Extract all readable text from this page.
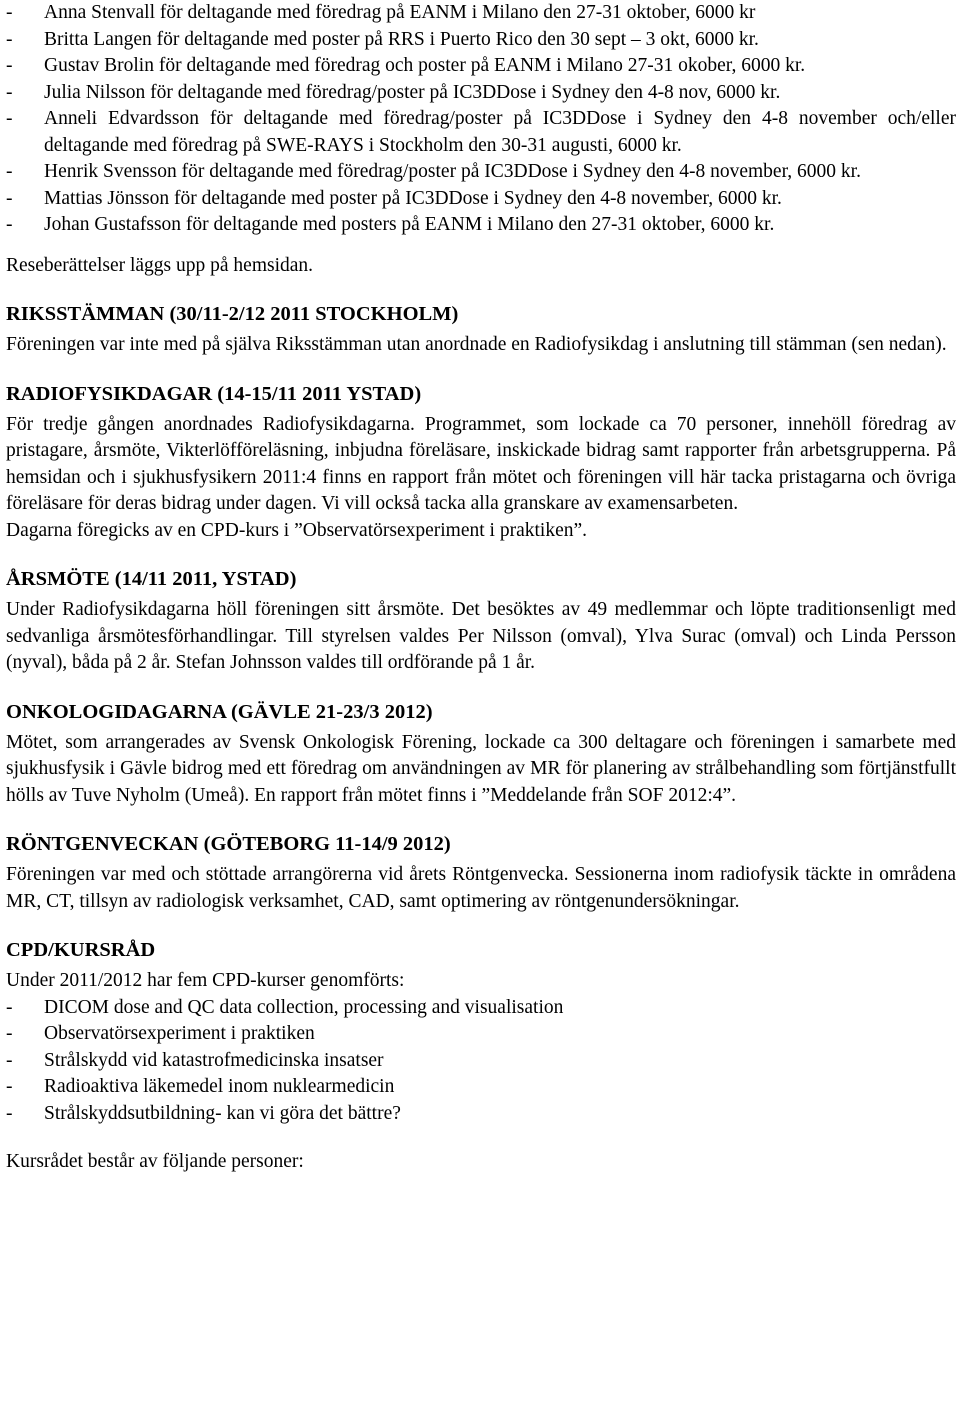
-	Anna Stenvall för deltagande med föredrag på EANM i Milano den 27-31 oktober, 6000 kr
-	Britta Langen för deltagande med poster på RRS i Puerto Rico den 30 sept – 3 okt, 6000 kr.
-	Gustav Brolin för deltagande med föredrag och poster på EANM i Milano 27-31 okober, 6000 kr.
-	Julia Nilsson för deltagande med föredrag/poster på IC3DDose i Sydney den 4-8 nov, 6000 kr.
-	Anneli Edvardsson för deltagande med föredrag/poster på IC3DDose i Sydney den 4-8 november och/eller deltagande med föredrag på SWE-RAYS i Stockholm den 30-31 augusti, 6000 kr.
-	Henrik Svensson för deltagande med föredrag/poster på IC3DDose i Sydney den 4-8 november, 6000 kr.
-	Mattias Jönsson för deltagande med poster på IC3DDose i Sydney den 4-8 november, 6000 kr.
-	Johan Gustafsson för deltagande med posters på EANM i Milano den 27-31 oktober, 6000 kr.

Reseberättelser läggs upp på hemsidan.

RIKSSTÄMMAN (30/11-2/12 2011 STOCKHOLM)

Föreningen var inte med på själva Riksstämman utan anordnade en Radiofysikdag i anslutning till stämman (sen nedan).

RADIOFYSIKDAGAR (14-15/11 2011 YSTAD)

För tredje gången anordnades Radiofysikdagarna. Programmet, som lockade ca 70 personer, innehöll föredrag av pristagare, årsmöte, Vikterlöfföreläsning, inbjudna föreläsare, inskickade bidrag samt rapporter från arbetsgrupperna. På hemsidan och i sjukhusfysikern 2011:4 finns en rapport från mötet och föreningen vill här tacka pristagarna och övriga föreläsare för deras bidrag under dagen. Vi vill också tacka alla granskare av examensarbeten.

Dagarna föregicks av en CPD-kurs i ”Observatörsexperiment i praktiken”.

ÅRSMÖTE (14/11 2011, YSTAD)

Under Radiofysikdagarna höll föreningen sitt årsmöte. Det besöktes av 49 medlemmar och löpte traditionsenligt med sedvanliga årsmötesförhandlingar. Till styrelsen valdes Per Nilsson (omval), Ylva Surac (omval) och Linda Persson (nyval), båda på 2 år. Stefan Johnsson valdes till ordförande på 1 år.

ONKOLOGIDAGARNA (GÄVLE 21-23/3 2012)

Mötet, som arrangerades av Svensk Onkologisk Förening, lockade ca 300 deltagare och föreningen i samarbete med sjukhusfysik i Gävle bidrog med ett föredrag om användningen av MR för planering av strålbehandling som förtjänstfullt hölls av Tuve Nyholm (Umeå). En rapport från mötet finns i ”Meddelande från SOF 2012:4”.

RÖNTGENVECKAN (GÖTEBORG 11-14/9 2012)

Föreningen var med och stöttade arrangörerna vid årets Röntgenvecka. Sessionerna inom radiofysik täckte in områdena MR, CT, tillsyn av radiologisk verksamhet, CAD, samt optimering av röntgenundersökningar.

CPD/KURSRÅD

Under 2011/2012 har fem CPD-kurser genomförts:

-	DICOM dose and QC data collection, processing and visualisation
-	Observatörsexperiment i praktiken
-	Strålskydd vid katastrofmedicinska insatser
-	Radioaktiva läkemedel inom nuklearmedicin
-	Strålskyddsutbildning- kan vi göra det bättre?

Kursrådet består av följande personer:
